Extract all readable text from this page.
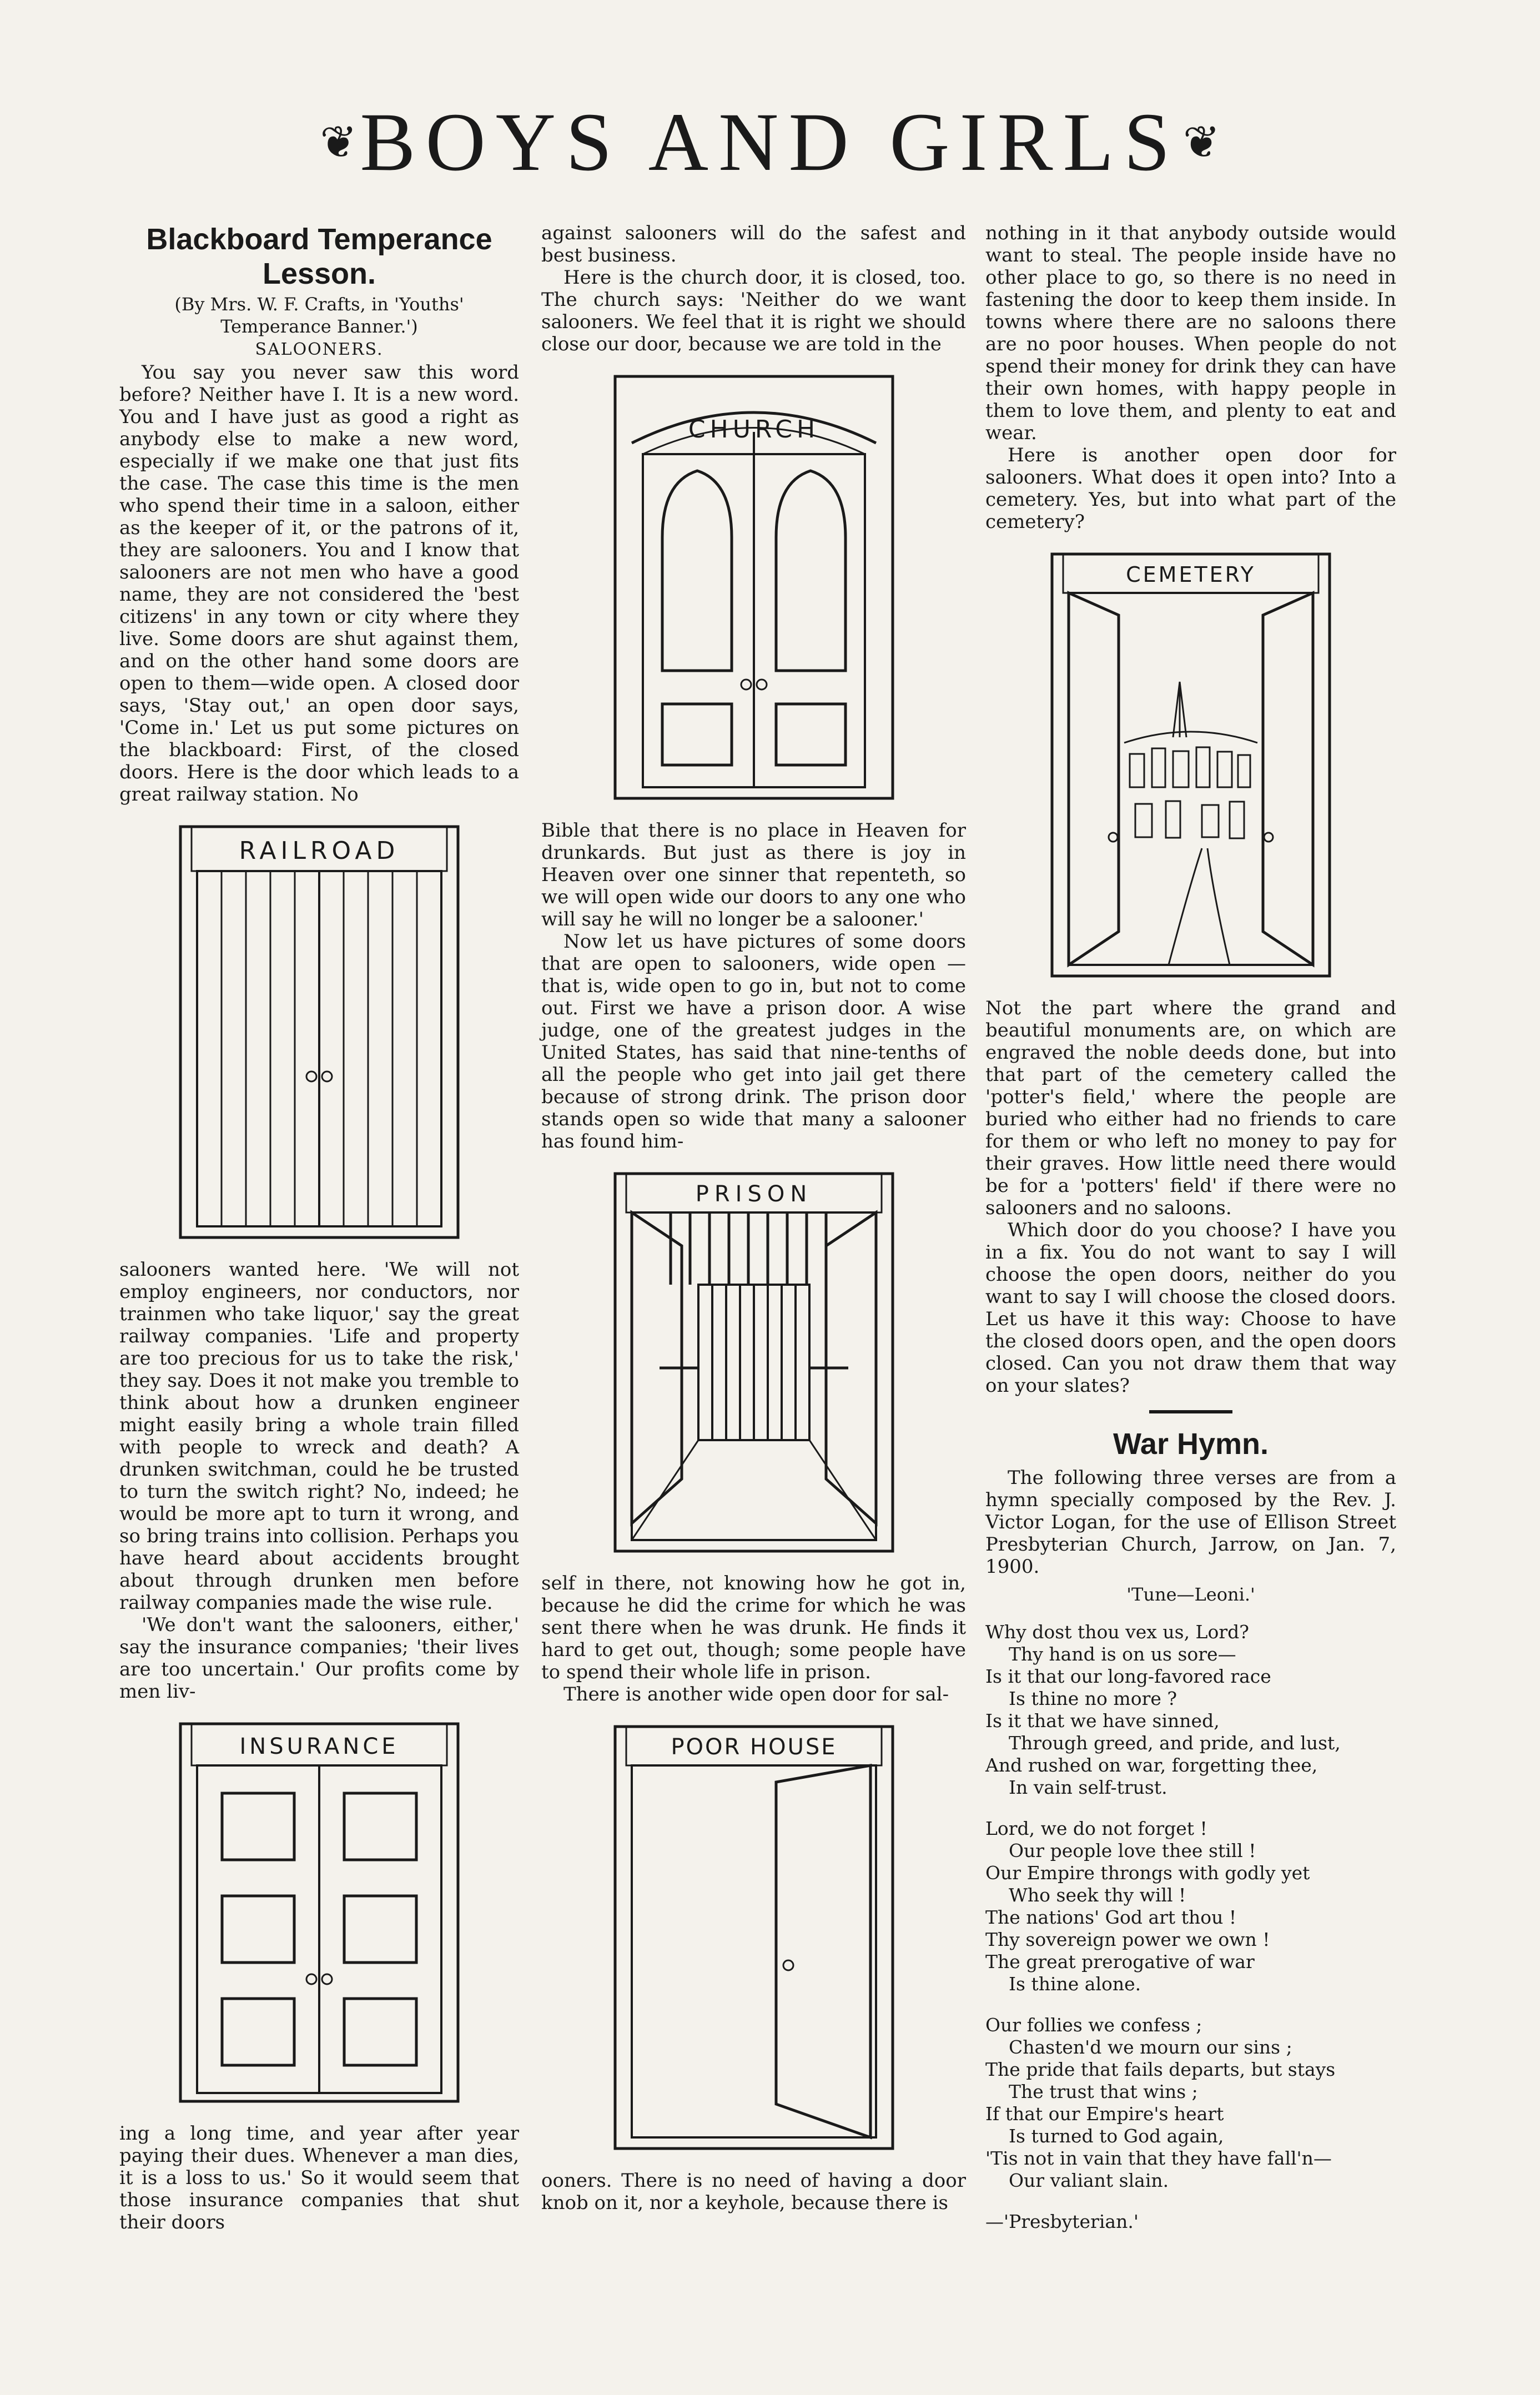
❦ BOYS AND GIRLS ❦
Blackboard Temperance
Lesson.
(By Mrs. W. F. Crafts, in 'Youths' Temperance Banner.')
SALOONERS.

You say you never saw this word before? Neither have I. It is a new word. You and I have just as good a right as anybody else to make a new word, especially if we make one that just fits the case. The case this time is the men who spend their time in a saloon, either as the keeper of it, or the patrons of it, they are salooners. You and I know that salooners are not men who have a good name, they are not considered the 'best citizens' in any town or city where they live. Some doors are shut against them, and on the other hand some doors are open to them—wide open. A closed door says, 'Stay out,' an open door says, 'Come in.' Let us put some pictures on the blackboard: First, of the closed doors. Here is the door which leads to a great railway station. No

RAILROAD

salooners wanted here. 'We will not employ engineers, nor conductors, nor trainmen who take liquor,' say the great railway companies. 'Life and property are too precious for us to take the risk,' they say. Does it not make you tremble to think about how a drunken engineer might easily bring a whole train filled with people to wreck and death? A drunken switchman, could he be trusted to turn the switch right? No, indeed; he would be more apt to turn it wrong, and so bring trains into collision. Perhaps you have heard about accidents brought about through drunken men before railway companies made the wise rule.

'We don't want the salooners, either,' say the insurance companies; 'their lives are too uncertain.' Our profits come by men liv-

INSURANCE

ing a long time, and year after year paying their dues. Whenever a man dies, it is a loss to us.' So it would seem that those insurance companies that shut their doors

against salooners will do the safest and best business.

Here is the church door, it is closed, too. The church says: 'Neither do we want salooners. We feel that it is right we should close our door, because we are told in the

CHURCH

Bible that there is no place in Heaven for drunkards. But just as there is joy in Heaven over one sinner that repenteth, so we will open wide our doors to any one who will say he will no longer be a salooner.'

Now let us have pictures of some doors that are open to salooners, wide open —that is, wide open to go in, but not to come out. First we have a prison door. A wise judge, one of the greatest judges in the United States, has said that nine-tenths of all the people who get into jail get there because of strong drink. The prison door stands open so wide that many a salooner has found him-

PRISON

self in there, not knowing how he got in, because he did the crime for which he was sent there when he was drunk. He finds it hard to get out, though; some people have to spend their whole life in prison.

There is another wide open door for sal-

POOR HOUSE

ooners. There is no need of having a door knob on it, nor a keyhole, because there is

nothing in it that anybody outside would want to steal. The people inside have no other place to go, so there is no need in fastening the door to keep them inside. In towns where there are no saloons there are no poor houses. When people do not spend their money for drink they can have their own homes, with happy people in them to love them, and plenty to eat and wear.

Here is another open door for salooners. What does it open into? Into a cemetery. Yes, but into what part of the cemetery?

CEMETERY

Not the part where the grand and beautiful monuments are, on which are engraved the noble deeds done, but into that part of the cemetery called the 'potter's field,' where the people are buried who either had no friends to care for them or who left no money to pay for their graves. How little need there would be for a 'potters' field' if there were no salooners and no saloons.

Which door do you choose? I have you in a fix. You do not want to say I will choose the open doors, neither do you want to say I will choose the closed doors. Let us have it this way: Choose to have the closed doors open, and the open doors closed. Can you not draw them that way on your slates?

War Hymn.

The following three verses are from a hymn specially composed by the Rev. J. Victor Logan, for the use of Ellison Street Presbyterian Church, Jarrow, on Jan. 7, 1900.

'Tune—Leoni.'
Why dost thou vex us, Lord?
Thy hand is on us sore—
Is it that our long-favored race
Is thine no more ?
Is it that we have sinned,
Through greed, and pride, and lust,
And rushed on war, forgetting thee,
In vain self-trust.
Lord, we do not forget !
Our people love thee still !
Our Empire throngs with godly yet
Who seek thy will !
The nations' God art thou !
Thy sovereign power we own !
The great prerogative of war
Is thine alone.
Our follies we confess ;
Chasten'd we mourn our sins ;
The pride that fails departs, but stays
The trust that wins ;
If that our Empire's heart
Is turned to God again,
'Tis not in vain that they have fall'n—
Our valiant slain.
—'Presbyterian.'
